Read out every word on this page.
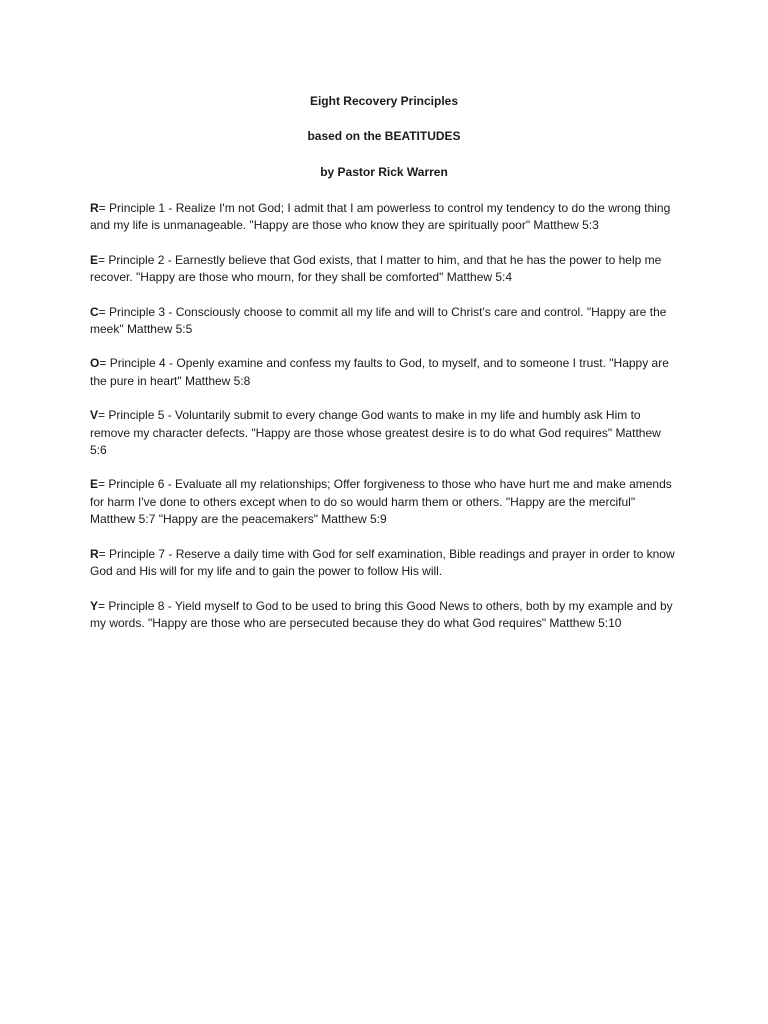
Eight Recovery Principles
based on the BEATITUDES
by Pastor Rick Warren

R= Principle 1 - Realize I'm not God; I admit that I am powerless to control my tendency to do the wrong thing and my life is unmanageable. "Happy are those who know they are spiritually poor" Matthew 5:3

E= Principle 2 - Earnestly believe that God exists, that I matter to him, and that he has the power to help me recover. "Happy are those who mourn, for they shall be comforted" Matthew 5:4

C= Principle 3 - Consciously choose to commit all my life and will to Christ's care and control. "Happy are the meek" Matthew 5:5

O= Principle 4 - Openly examine and confess my faults to God, to myself, and to someone I trust. "Happy are the pure in heart" Matthew 5:8

V= Principle 5 - Voluntarily submit to every change God wants to make in my life and humbly ask Him to remove my character defects. "Happy are those whose greatest desire is to do what God requires" Matthew 5:6

E= Principle 6 - Evaluate all my relationships; Offer forgiveness to those who have hurt me and make amends for harm I've done to others except when to do so would harm them or others. "Happy are the merciful" Matthew 5:7 "Happy are the peacemakers" Matthew 5:9

R= Principle 7 - Reserve a daily time with God for self examination, Bible readings and prayer in order to know God and His will for my life and to gain the power to follow His will.

Y= Principle 8 - Yield myself to God to be used to bring this Good News to others, both by my example and by my words. "Happy are those who are persecuted because they do what God requires" Matthew 5:10
